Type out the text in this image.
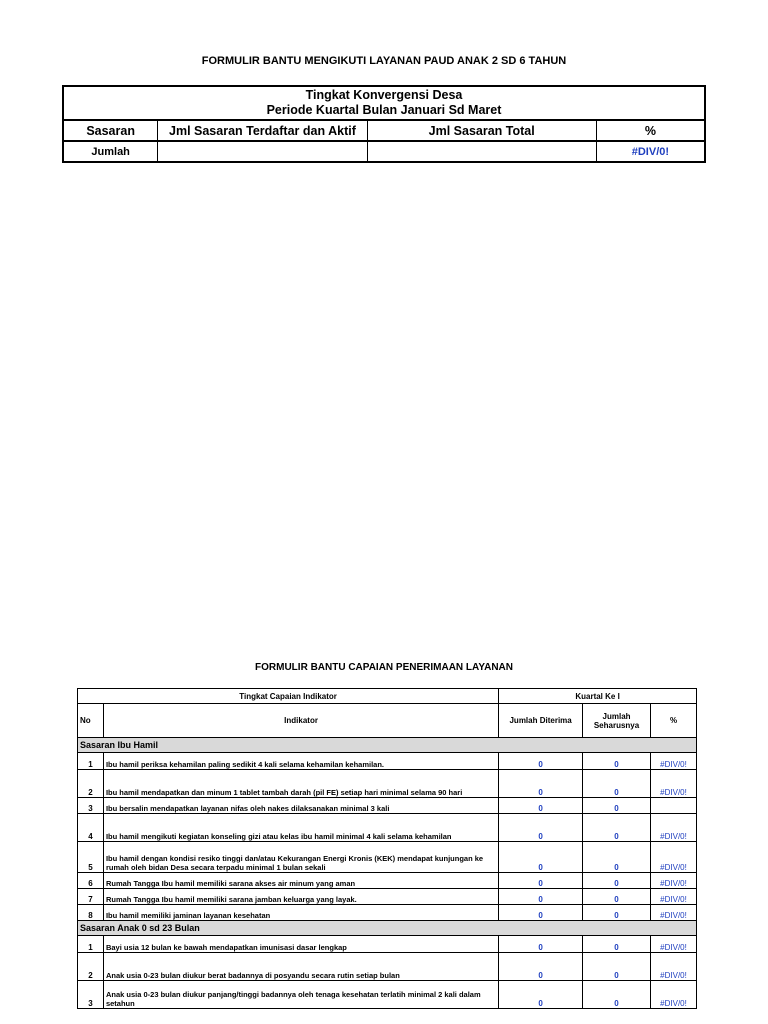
FORMULIR BANTU MENGIKUTI LAYANAN PAUD ANAK 2 SD 6 TAHUN
Tingkat Konvergensi Desa
Periode Kuartal Bulan Januari Sd Maret			

Sasaran	Jml Sasaran Terdaftar dan Aktif	Jml Sasaran Total	%
Jumlah			#DIV/0!
FORMULIR BANTU CAPAIAN PENERIMAAN LAYANAN
Tingkat Capaian Indikator		Kuartal Ke I		
No	Indikator	Jumlah Diterima	Jumlah Seharusnya	%
Sasaran Ibu Hamil				
1	Ibu hamil periksa kehamilan paling sedikit 4 kali selama kehamilan kehamilan.	0	0	#DIV/0!
2	Ibu hamil mendapatkan dan minum 1 tablet tambah darah (pil FE) setiap hari minimal selama 90 hari	0	0	#DIV/0!
3	Ibu bersalin mendapatkan layanan nifas oleh nakes dilaksanakan minimal 3 kali	0	0	
4	Ibu hamil mengikuti kegiatan konseling gizi atau kelas ibu hamil minimal 4 kali selama kehamilan	0	0	#DIV/0!
5	Ibu hamil dengan kondisi resiko tinggi dan/atau Kekurangan Energi Kronis (KEK) mendapat kunjungan ke rumah oleh bidan Desa secara terpadu minimal 1 bulan sekali	0	0	#DIV/0!
6	Rumah Tangga Ibu hamil memiliki sarana akses air minum yang aman	0	0	#DIV/0!
7	Rumah Tangga Ibu hamil memiliki sarana jamban keluarga yang layak.	0	0	#DIV/0!
8	Ibu hamil memiliki jaminan layanan kesehatan	0	0	#DIV/0!
Sasaran Anak 0 sd 23 Bulan				
1	Bayi usia 12 bulan ke bawah mendapatkan imunisasi dasar lengkap	0	0	#DIV/0!
2	Anak usia 0-23 bulan diukur berat badannya di posyandu secara rutin setiap bulan	0	0	#DIV/0!
3	Anak usia 0-23 bulan diukur panjang/tinggi badannya oleh tenaga kesehatan terlatih minimal 2 kali dalam setahun	0	0	#DIV/0!
